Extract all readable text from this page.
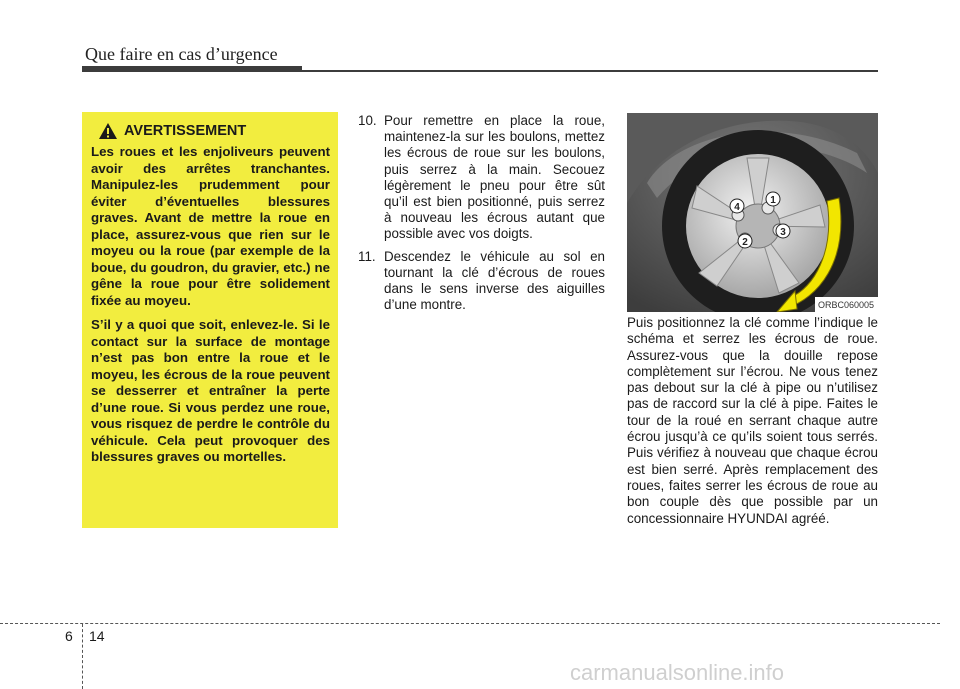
Que faire en cas d’urgence
AVERTISSEMENT

Les roues et les enjoliveurs peuvent avoir des arrêtes tranchantes. Manipulez-les prudemment pour éviter d’éventuelles blessures graves. Avant de mettre la roue en place, assurez-vous que rien sur le moyeu ou la roue (par exemple de la boue, du goudron, du gravier, etc.) ne gêne la roue pour être solidement fixée au moyeu.

S’il y a quoi que soit, enlevez-le. Si le contact sur la surface de montage n’est pas bon entre la roue et le moyeu, les écrous de la roue peuvent se desserrer et entraîner la perte d’une roue. Si vous perdez une roue, vous risquez de perdre le contrôle du véhicule. Cela peut provoquer des blessures graves ou mortelles.

10. Pour remettre en place la roue, maintenez-la sur les boulons, mettez les écrous de roue sur les boulons, puis serrez à la main. Secouez légèrement le pneu pour être sût qu’il est bien positionné, puis serrez à nouveau les écrous autant que possible avec vos doigts.
11. Descendez le véhicule au sol en tournant la clé d’écrous de roues dans le sens inverse des aiguilles d’une montre.
1
2
3
4
ORBC060005

Puis positionnez la clé comme l’indique le schéma et serrez les écrous de roue. Assurez-vous que la douille repose complètement sur l’écrou. Ne vous tenez pas debout sur la clé à pipe ou n’utilisez pas de raccord sur la clé à pipe. Faites le tour de la roué en serrant chaque autre écrou jusqu’à ce qu’ils soient tous serrés. Puis vérifiez à nouveau que chaque écrou est bien serré. Après remplacement des roues, faites serrer les écrous de roue au bon couple dès que possible par un concessionnaire HYUNDAI agréé.

6 14
carmanualsonline.info
